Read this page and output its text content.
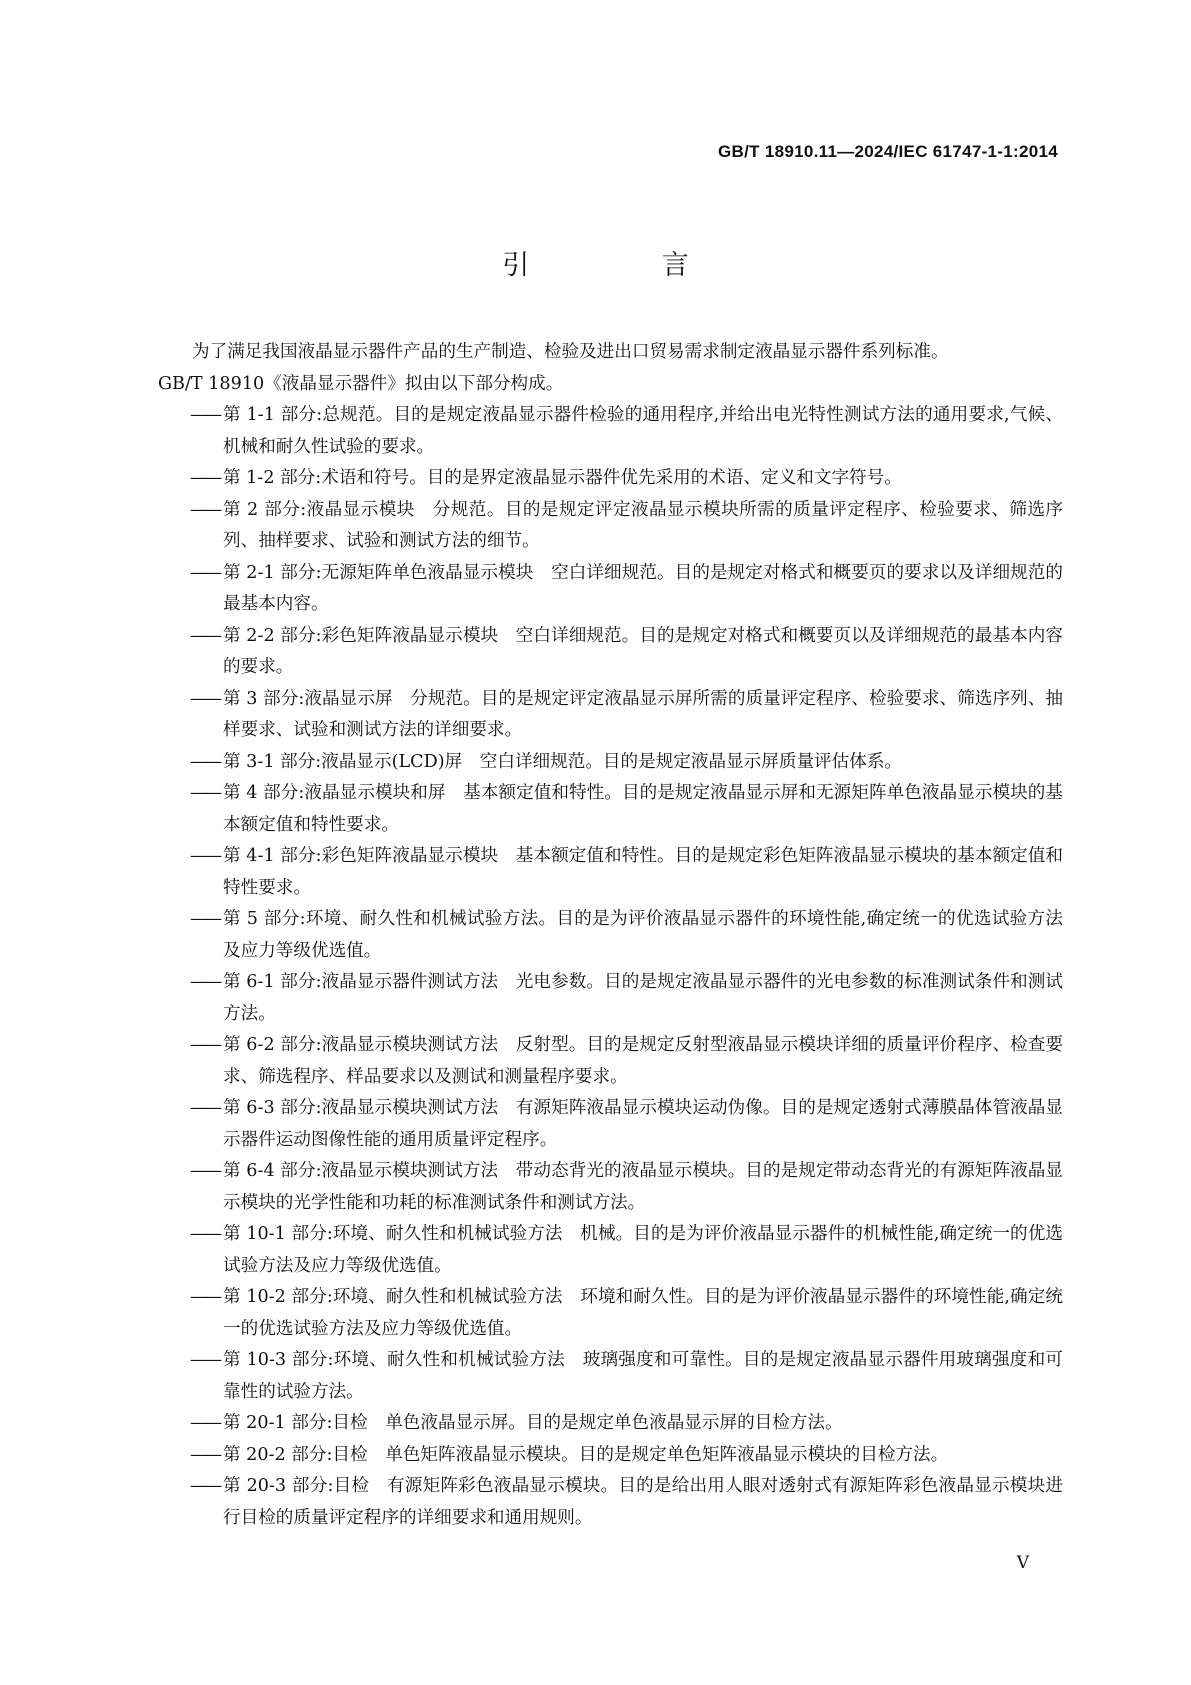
GB/T 18910.11—2024/IEC 61747-1-1:2014
引 言
为了满足我国液晶显示器件产品的生产制造、检验及进出口贸易需求制定液晶显示器件系列标准。
GB/T 18910《液晶显示器件》拟由以下部分构成。
—— 第 1-1 部分:总规范。目的是规定液晶显示器件检验的通用程序,并给出电光特性测试方法的通用要求,气候、机械和耐久性试验的要求。
—— 第 1-2 部分:术语和符号。目的是界定液晶显示器件优先采用的术语、定义和文字符号。
—— 第 2 部分:液晶显示模块　分规范。目的是规定评定液晶显示模块所需的质量评定程序、检验要求、筛选序列、抽样要求、试验和测试方法的细节。
—— 第 2-1 部分:无源矩阵单色液晶显示模块　空白详细规范。目的是规定对格式和概要页的要求以及详细规范的最基本内容。
—— 第 2-2 部分:彩色矩阵液晶显示模块　空白详细规范。目的是规定对格式和概要页以及详细规范的最基本内容的要求。
—— 第 3 部分:液晶显示屏　分规范。目的是规定评定液晶显示屏所需的质量评定程序、检验要求、筛选序列、抽样要求、试验和测试方法的详细要求。
—— 第 3-1 部分:液晶显示(LCD)屏　空白详细规范。目的是规定液晶显示屏质量评估体系。
—— 第 4 部分:液晶显示模块和屏　基本额定值和特性。目的是规定液晶显示屏和无源矩阵单色液晶显示模块的基本额定值和特性要求。
—— 第 4-1 部分:彩色矩阵液晶显示模块　基本额定值和特性。目的是规定彩色矩阵液晶显示模块的基本额定值和特性要求。
—— 第 5 部分:环境、耐久性和机械试验方法。目的是为评价液晶显示器件的环境性能,确定统一的优选试验方法及应力等级优选值。
—— 第 6-1 部分:液晶显示器件测试方法　光电参数。目的是规定液晶显示器件的光电参数的标准测试条件和测试方法。
—— 第 6-2 部分:液晶显示模块测试方法　反射型。目的是规定反射型液晶显示模块详细的质量评价程序、检查要求、筛选程序、样品要求以及测试和测量程序要求。
—— 第 6-3 部分:液晶显示模块测试方法　有源矩阵液晶显示模块运动伪像。目的是规定透射式薄膜晶体管液晶显示器件运动图像性能的通用质量评定程序。
—— 第 6-4 部分:液晶显示模块测试方法　带动态背光的液晶显示模块。目的是规定带动态背光的有源矩阵液晶显示模块的光学性能和功耗的标准测试条件和测试方法。
—— 第 10-1 部分:环境、耐久性和机械试验方法　机械。目的是为评价液晶显示器件的机械性能,确定统一的优选试验方法及应力等级优选值。
—— 第 10-2 部分:环境、耐久性和机械试验方法　环境和耐久性。目的是为评价液晶显示器件的环境性能,确定统一的优选试验方法及应力等级优选值。
—— 第 10-3 部分:环境、耐久性和机械试验方法　玻璃强度和可靠性。目的是规定液晶显示器件用玻璃强度和可靠性的试验方法。
—— 第 20-1 部分:目检　单色液晶显示屏。目的是规定单色液晶显示屏的目检方法。
—— 第 20-2 部分:目检　单色矩阵液晶显示模块。目的是规定单色矩阵液晶显示模块的目检方法。
—— 第 20-3 部分:目检　有源矩阵彩色液晶显示模块。目的是给出用人眼对透射式有源矩阵彩色液晶显示模块进行目检的质量评定程序的详细要求和通用规则。
V
